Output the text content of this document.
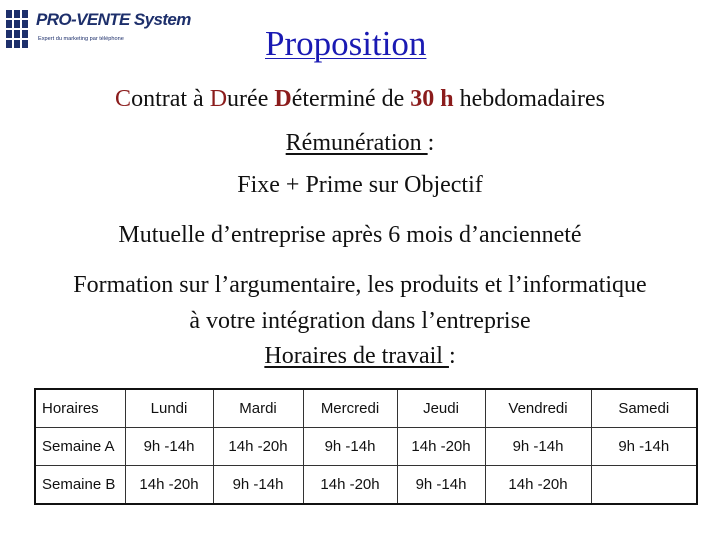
PRO-VENTE System
Expert du marketing par téléphone	Proposition
Contrat à Durée Déterminé de 30 h hebdomadaires
Rémunération :
Fixe + Prime sur Objectif
Mutuelle d’entreprise après 6 mois d’ancienneté
Formation sur l’argumentaire, les produits et l’informatique
à votre intégration dans l’entreprise
Horaires de travail :
Horaires	Lundi	Mardi	Mercredi	Jeudi	Vendredi	Samedi
Semaine A	9h -14h	14h -20h	9h -14h	14h -20h	9h -14h	9h -14h
Semaine B	14h -20h	9h -14h	14h -20h	9h -14h	14h -20h	
